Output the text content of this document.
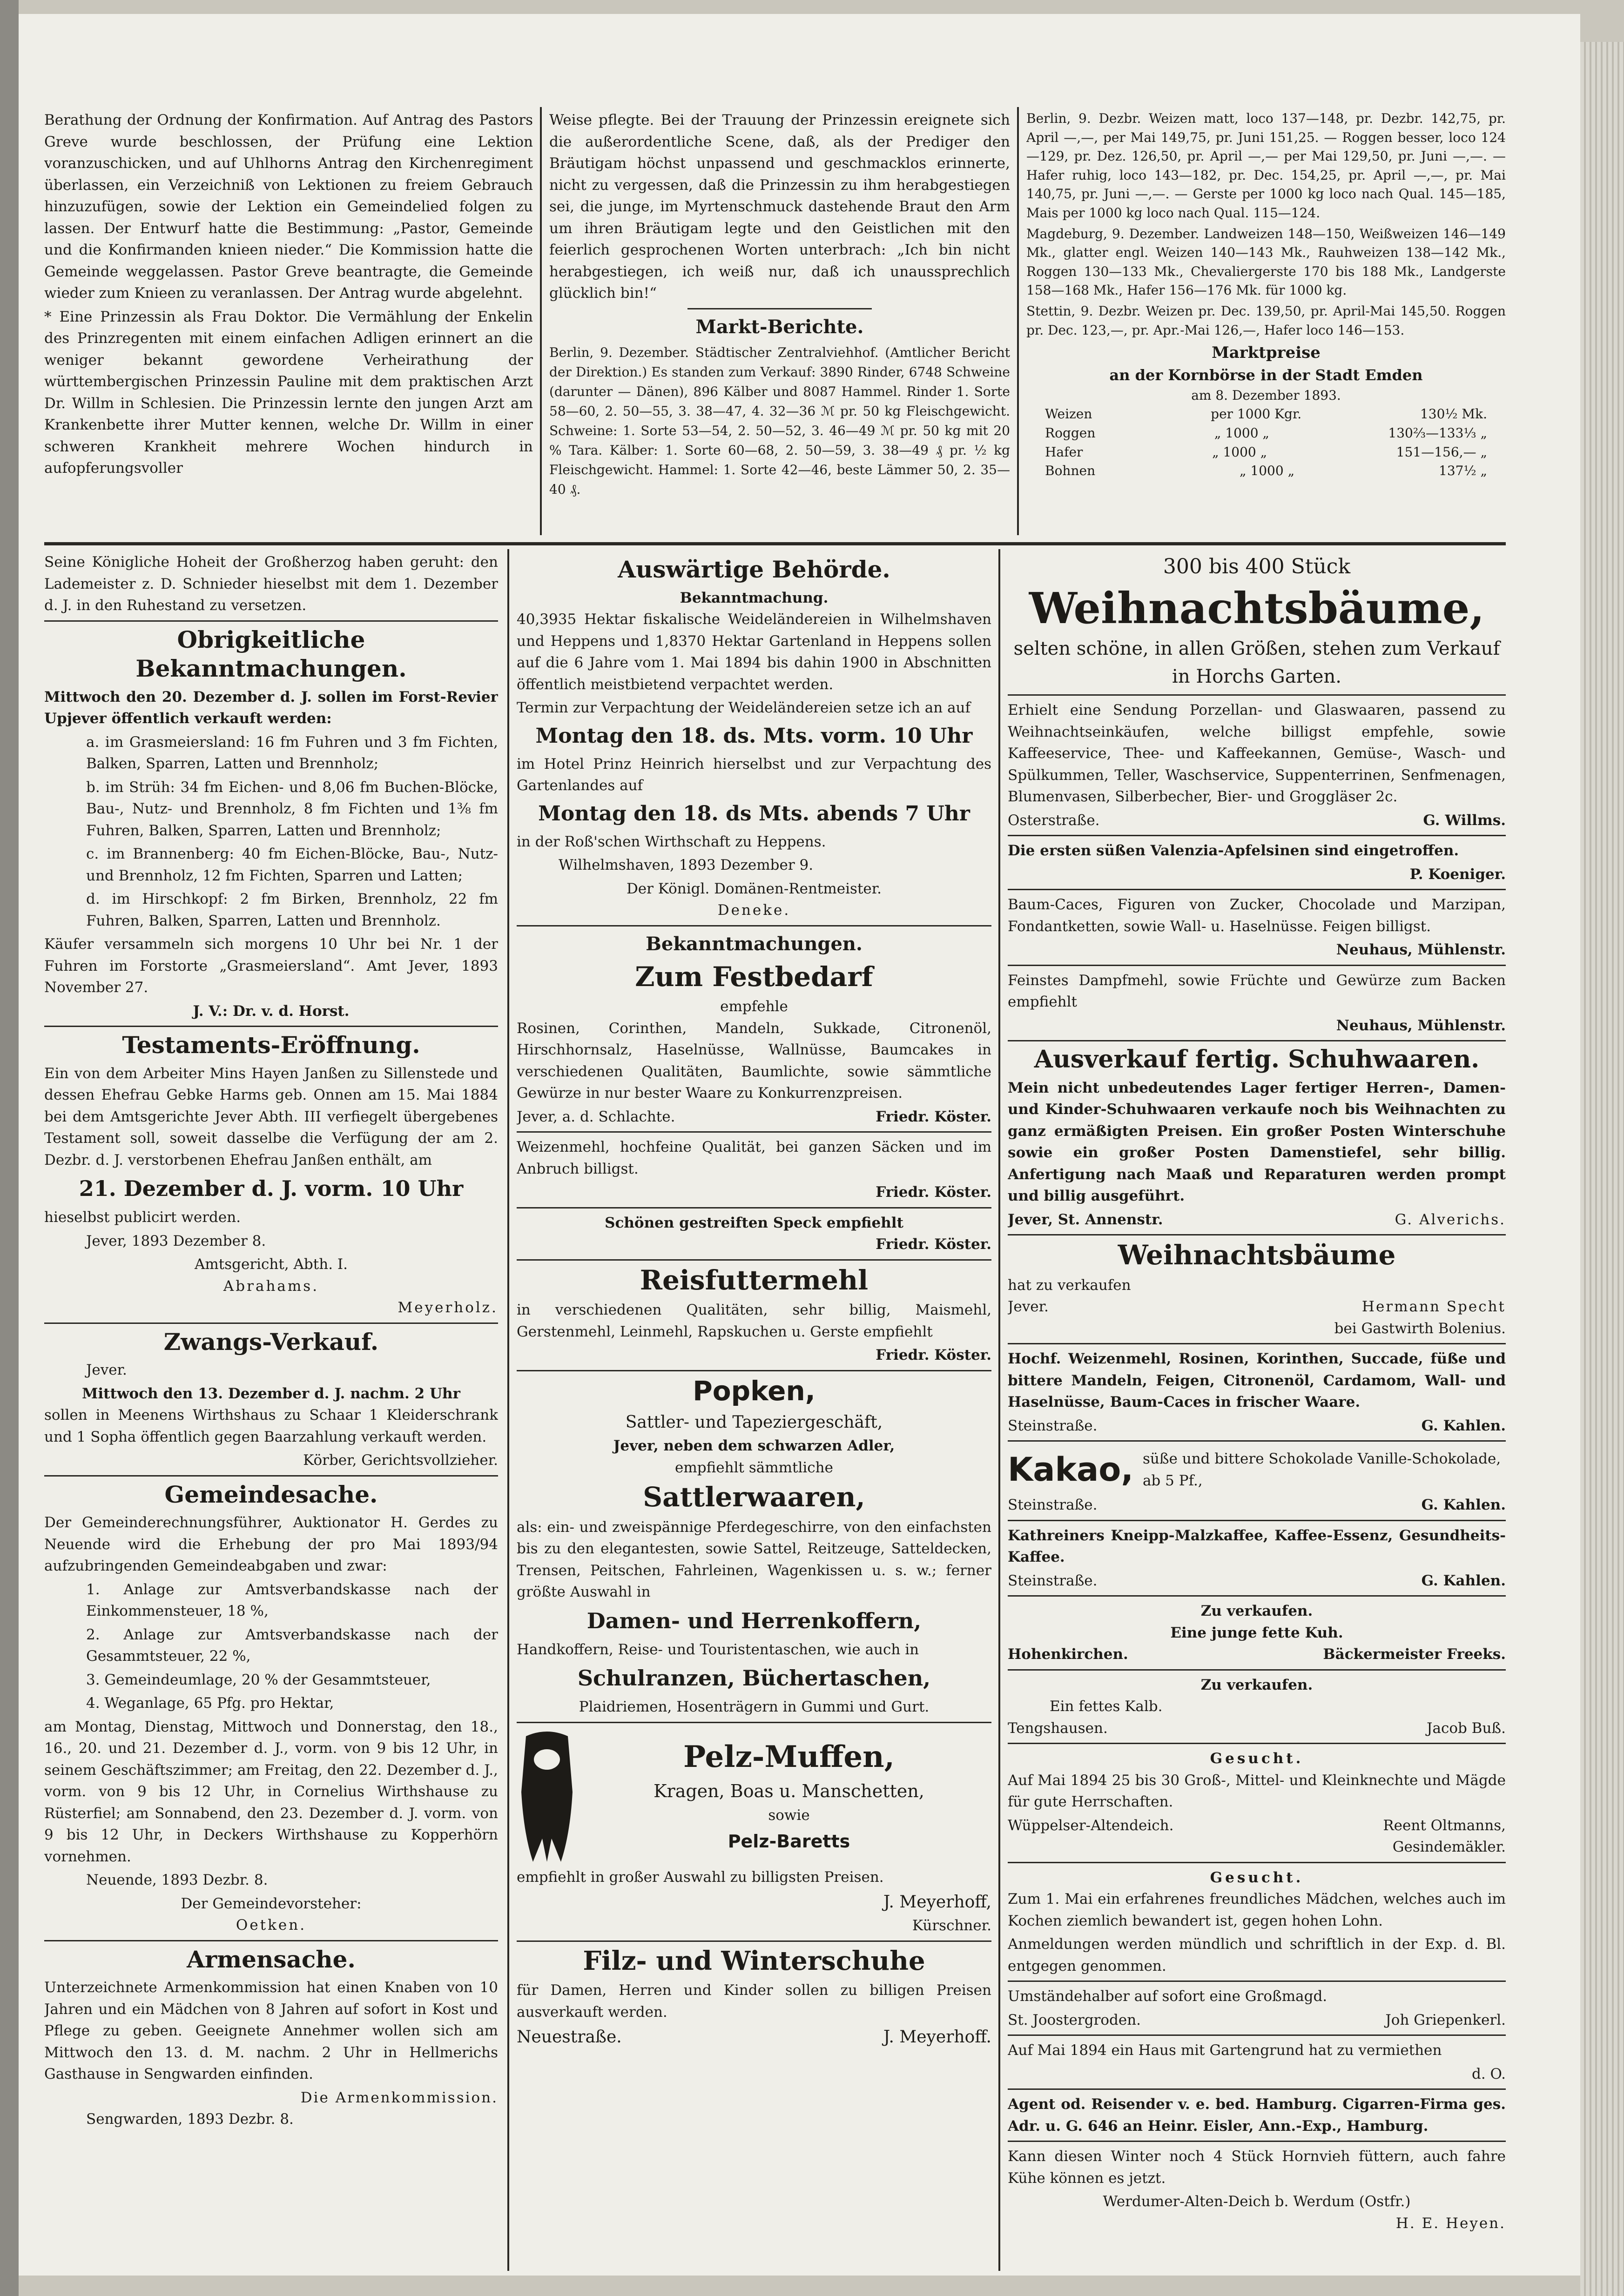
Berathung der Ordnung der Konfirmation. Auf Antrag des Pastors Greve wurde beschlossen, der Prüfung eine Lektion voranzuschicken, und auf Uhlhorns Antrag den Kirchenregiment überlassen, ein Verzeichniß von Lektionen zu freiem Gebrauch hinzuzufügen, sowie der Lektion ein Gemeindelied folgen zu lassen. Der Entwurf hatte die Bestimmung: „Pastor, Gemeinde und die Konfirmanden knieen nieder.“ Die Kommission hatte die Gemeinde weggelassen. Pastor Greve beantragte, die Gemeinde wieder zum Knieen zu veranlassen. Der Antrag wurde abgelehnt.

* Eine Prinzessin als Frau Doktor. Die Vermählung der Enkelin des Prinzregenten mit einem einfachen Adligen erinnert an die weniger bekannt gewordene Verheirathung der württembergischen Prinzessin Pauline mit dem praktischen Arzt Dr. Willm in Schlesien. Die Prinzessin lernte den jungen Arzt am Krankenbette ihrer Mutter kennen, welche Dr. Willm in einer schweren Krankheit mehrere Wochen hindurch in aufopferungsvoller

Weise pflegte. Bei der Trauung der Prinzessin ereignete sich die außerordentliche Scene, daß, als der Prediger den Bräutigam höchst unpassend und geschmacklos erinnerte, nicht zu vergessen, daß die Prinzessin zu ihm herabgestiegen sei, die junge, im Myrtenschmuck dastehende Braut den Arm um ihren Bräutigam legte und den Geistlichen mit den feierlich gesprochenen Worten unterbrach: „Ich bin nicht herabgestiegen, ich weiß nur, daß ich unaussprechlich glücklich bin!“

Markt-Berichte.

Berlin, 9. Dezember. Städtischer Zentralviehhof. (Amtlicher Bericht der Direktion.) Es standen zum Verkauf: 3890 Rinder, 6748 Schweine (darunter — Dänen), 896 Kälber und 8087 Hammel. Rinder 1. Sorte 58—60, 2. 50—55, 3. 38—47, 4. 32—36 ℳ pr. 50 kg Fleischgewicht. Schweine: 1. Sorte 53—54, 2. 50—52, 3. 46—49 ℳ pr. 50 kg mit 20 % Tara. Kälber: 1. Sorte 60—68, 2. 50—59, 3. 38—49 ₰ pr. ½ kg Fleischgewicht. Hammel: 1. Sorte 42—46, beste Lämmer 50, 2. 35—40 ₰.

Berlin, 9. Dezbr. Weizen matt, loco 137—148, pr. Dezbr. 142,75, pr. April —,—, per Mai 149,75, pr. Juni 151,25. — Roggen besser, loco 124—129, pr. Dez. 126,50, pr. April —,— per Mai 129,50, pr. Juni —,—. — Hafer ruhig, loco 143—182, pr. Dec. 154,25, pr. April —,—, pr. Mai 140,75, pr. Juni —,—. — Gerste per 1000 kg loco nach Qual. 145—185, Mais per 1000 kg loco nach Qual. 115—124.

Magdeburg, 9. Dezember. Landweizen 148—150, Weißweizen 146—149 Mk., glatter engl. Weizen 140—143 Mk., Rauhweizen 138—142 Mk., Roggen 130—133 Mk., Chevaliergerste 170 bis 188 Mk., Landgerste 158—168 Mk., Hafer 156—176 Mk. für 1000 kg.

Stettin, 9. Dezbr. Weizen pr. Dec. 139,50, pr. April-Mai 145,50. Roggen pr. Dec. 123,—, pr. Apr.-Mai 126,—, Hafer loco 146—153.

Marktpreise
an der Kornbörse in der Stadt Emden
am 8. Dezember 1893.
Weizen	per 1000 Kgr.	130½ Mk.
Roggen	„ 1000 „	130⅔—133⅓ „
Hafer	„ 1000 „	151—156,— „
Bohnen	„ 1000 „	137½ „

Seine Königliche Hoheit der Großherzog haben geruht: den Lademeister z. D. Schnieder hieselbst mit dem 1. Dezember d. J. in den Ruhestand zu versetzen.

Obrigkeitliche Bekanntmachungen.

Mittwoch den 20. Dezember d. J. sollen im Forst-Revier Upjever öffentlich verkauft werden:

a. im Grasmeiersland: 16 fm Fuhren und 3 fm Fichten, Balken, Sparren, Latten und Brennholz;

b. im Strüh: 34 fm Eichen- und 8,06 fm Buchen-Blöcke, Bau-, Nutz- und Brennholz, 8 fm Fichten und 1⅜ fm Fuhren, Balken, Sparren, Latten und Brennholz;

c. im Brannenberg: 40 fm Eichen-Blöcke, Bau-, Nutz- und Brennholz, 12 fm Fichten, Sparren und Latten;

d. im Hirschkopf: 2 fm Birken, Brennholz, 22 fm Fuhren, Balken, Sparren, Latten und Brennholz.

Käufer versammeln sich morgens 10 Uhr bei Nr. 1 der Fuhren im Forstorte „Grasmeiersland“. Amt Jever, 1893 November 27.

J. V.: Dr. v. d. Horst.
Testaments-Eröffnung.

Ein von dem Arbeiter Mins Hayen Janßen zu Sillenstede und dessen Ehefrau Gebke Harms geb. Onnen am 15. Mai 1884 bei dem Amtsgerichte Jever Abth. III verfiegelt übergebenes Testament soll, soweit dasselbe die Verfügung der am 2. Dezbr. d. J. verstorbenen Ehefrau Janßen enthält, am

21. Dezember d. J. vorm. 10 Uhr

hieselbst publicirt werden.

Jever, 1893 Dezember 8.

Amtsgericht, Abth. I.
Abrahams.
Meyerholz.
Zwangs-Verkauf.

Jever.

Mittwoch den 13. Dezember d. J. nachm. 2 Uhr

sollen in Meenens Wirthshaus zu Schaar 1 Kleiderschrank und 1 Sopha öffentlich gegen Baarzahlung verkauft werden.

Körber, Gerichtsvollzieher.
Gemeindesache.

Der Gemeinderechnungsführer, Auktionator H. Gerdes zu Neuende wird die Erhebung der pro Mai 1893/94 aufzubringenden Gemeindeabgaben und zwar:

1. Anlage zur Amtsverbandskasse nach der Einkommensteuer, 18 %,

2. Anlage zur Amtsverbandskasse nach der Gesammtsteuer, 22 %,

3. Gemeindeumlage, 20 % der Gesammtsteuer,

4. Weganlage, 65 Pfg. pro Hektar,

am Montag, Dienstag, Mittwoch und Donnerstag, den 18., 16., 20. und 21. Dezember d. J., vorm. von 9 bis 12 Uhr, in seinem Geschäftszimmer; am Freitag, den 22. Dezember d. J., vorm. von 9 bis 12 Uhr, in Cornelius Wirthshause zu Rüsterfiel; am Sonnabend, den 23. Dezember d. J. vorm. von 9 bis 12 Uhr, in Deckers Wirthshause zu Kopperhörn vornehmen.

Neuende, 1893 Dezbr. 8.

Der Gemeindevorsteher:
Oetken.
Armensache.

Unterzeichnete Armenkommission hat einen Knaben von 10 Jahren und ein Mädchen von 8 Jahren auf sofort in Kost und Pflege zu geben. Geeignete Annehmer wollen sich am Mittwoch den 13. d. M. nachm. 2 Uhr in Hellmerichs Gasthause in Sengwarden einfinden.

Die Armenkommission.

Sengwarden, 1893 Dezbr. 8.

Auswärtige Behörde.
Bekanntmachung.

40,3935 Hektar fiskalische Weideländereien in Wilhelmshaven und Heppens und 1,8370 Hektar Gartenland in Heppens sollen auf die 6 Jahre vom 1. Mai 1894 bis dahin 1900 in Abschnitten öffentlich meistbietend verpachtet werden.

Termin zur Verpachtung der Weideländereien setze ich an auf

Montag den 18. ds. Mts. vorm. 10 Uhr

im Hotel Prinz Heinrich hierselbst und zur Verpachtung des Gartenlandes auf

Montag den 18. ds Mts. abends 7 Uhr

in der Roß'schen Wirthschaft zu Heppens.

Wilhelmshaven, 1893 Dezember 9.

Der Königl. Domänen-Rentmeister.
Deneke.
Bekanntmachungen.
Zum Festbedarf
empfehle

Rosinen, Corinthen, Mandeln, Sukkade, Citronenöl, Hirschhornsalz, Haselnüsse, Wallnüsse, Baumcakes in verschiedenen Qualitäten, Baumlichte, sowie sämmtliche Gewürze in nur bester Waare zu Konkurrenzpreisen.

Jever, a. d. Schlachte.	Friedr. Köster.

Weizenmehl, hochfeine Qualität, bei ganzen Säcken und im Anbruch billigst.

Friedr. Köster.
Schönen gestreiften Speck empfiehlt
Friedr. Köster.
Reisfuttermehl

in verschiedenen Qualitäten, sehr billig, Maismehl, Gerstenmehl, Leinmehl, Rapskuchen u. Gerste empfiehlt

Friedr. Köster.
Popken,
Sattler- und Tapeziergeschäft,
Jever, neben dem schwarzen Adler,
empfiehlt sämmtliche
Sattlerwaaren,

als: ein- und zweispännige Pferdegeschirre, von den einfachsten bis zu den elegantesten, sowie Sattel, Reitzeuge, Satteldecken, Trensen, Peitschen, Fahrleinen, Wagenkissen u. s. w.; ferner größte Auswahl in

Damen- und Herrenkoffern,

Handkoffern, Reise- und Touristentaschen, wie auch in

Schulranzen, Büchertaschen,
Plaidriemen, Hosenträgern in Gummi und Gurt.
Pelz-Muffen,
Kragen, Boas u. Manschetten,
sowie
Pelz-Baretts

empfiehlt in großer Auswahl zu billigsten Preisen.

J. Meyerhoff,
Kürschner.
Filz- und Winterschuhe

für Damen, Herren und Kinder sollen zu billigen Preisen ausverkauft werden.

Neuestraße.	J. Meyerhoff.
300 bis 400 Stück
Weihnachtsbäume,
selten schöne, in allen Größen, stehen zum Verkauf in Horchs Garten.

Erhielt eine Sendung Porzellan- und Glaswaaren, passend zu Weihnachtseinkäufen, welche billigst empfehle, sowie Kaffeeservice, Thee- und Kaffeekannen, Gemüse-, Wasch- und Spülkummen, Teller, Waschservice, Suppenterrinen, Senfmenagen, Blumenvasen, Silberbecher, Bier- und Groggläser 2c.

Osterstraße.	G. Willms.

Die ersten süßen Valenzia-Apfelsinen sind eingetroffen.

P. Koeniger.

Baum-Caces, Figuren von Zucker, Chocolade und Marzipan, Fondantketten, sowie Wall- u. Haselnüsse. Feigen billigst.

Neuhaus, Mühlenstr.

Feinstes Dampfmehl, sowie Früchte und Gewürze zum Backen empfiehlt

Neuhaus, Mühlenstr.
Ausverkauf fertig. Schuhwaaren.

Mein nicht unbedeutendes Lager fertiger Herren-, Damen- und Kinder-Schuhwaaren verkaufe noch bis Weihnachten zu ganz ermäßigten Preisen. Ein großer Posten Winterschuhe sowie ein großer Posten Damenstiefel, sehr billig. Anfertigung nach Maaß und Reparaturen werden prompt und billig ausgeführt.

Jever, St. Annenstr.	G. Alverichs.
Weihnachtsbäume
hat zu verkaufen
Jever.	Hermann Specht
bei Gastwirth Bolenius.

Hochf. Weizenmehl, Rosinen, Korinthen, Succade, füße und bittere Mandeln, Feigen, Citronenöl, Cardamom, Wall- und Haselnüsse, Baum-Caces in frischer Waare.

Steinstraße.	G. Kahlen.
Kakao, süße und bittere Schokolade Vanille-Schokolade, ab 5 Pf.,
Steinstraße.	G. Kahlen.

Kathreiners Kneipp-Malzkaffee, Kaffee-Essenz, Gesundheits-Kaffee.

Steinstraße.	G. Kahlen.
Zu verkaufen.
Eine junge fette Kuh.
Hohenkirchen.	Bäckermeister Freeks.
Zu verkaufen.
Ein fettes Kalb.
Tengshausen.	Jacob Buß.
Gesucht.

Auf Mai 1894 25 bis 30 Groß-, Mittel- und Kleinknechte und Mägde für gute Herrschaften.

Wüppelser-Altendeich.	Reent Oltmanns,
Gesindemäkler.
Gesucht.

Zum 1. Mai ein erfahrenes freundliches Mädchen, welches auch im Kochen ziemlich bewandert ist, gegen hohen Lohn.

Anmeldungen werden mündlich und schriftlich in der Exp. d. Bl. entgegen genommen.

Umständehalber auf sofort eine Großmagd.

St. Joostergroden.	Joh Griepenkerl.

Auf Mai 1894 ein Haus mit Gartengrund hat zu vermiethen

d. O.

Agent od. Reisender v. e. bed. Hamburg. Cigarren-Firma ges. Adr. u. G. 646 an Heinr. Eisler, Ann.-Exp., Hamburg.

Kann diesen Winter noch 4 Stück Hornvieh füttern, auch fahre Kühe können es jetzt.

Werdumer-Alten-Deich b. Werdum (Ostfr.)
H. E. Heyen.
